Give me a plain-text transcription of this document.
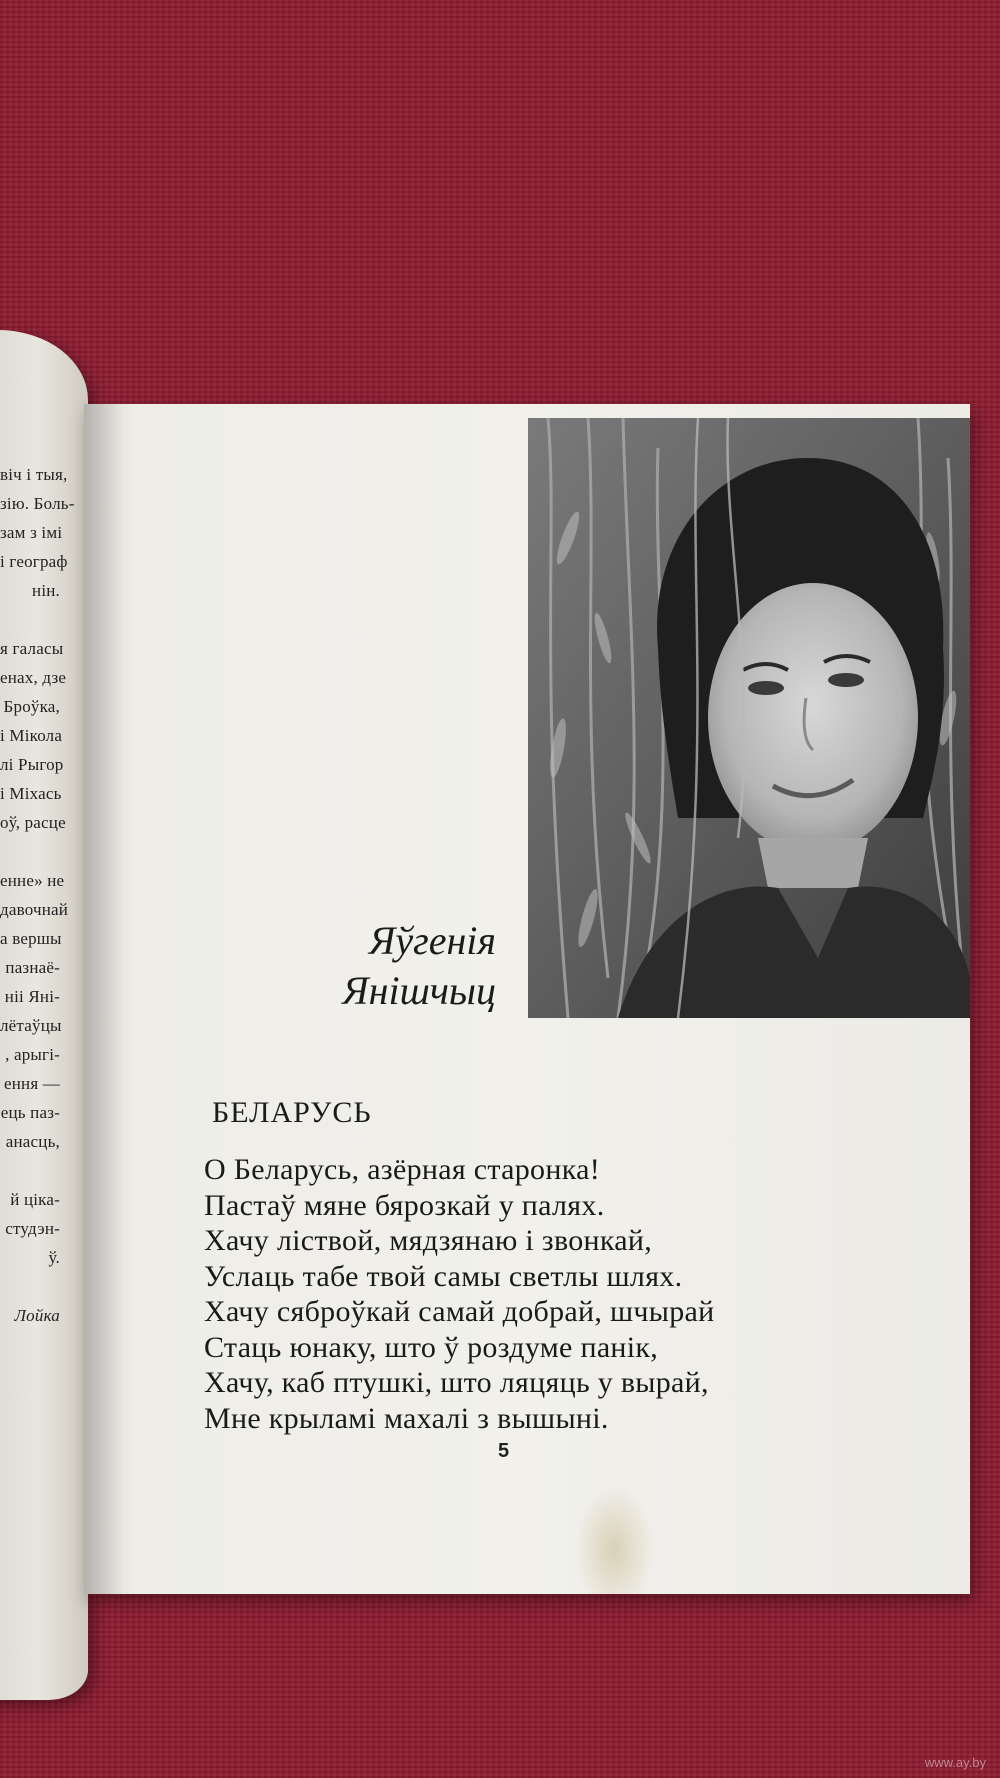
віч і тыя,
зію. Боль-
зам з імі
і географ
нін.

я галасы
енах, дзе
Броўка,
і Мікола
лі Рыгор
і Міхась
оў, расце

енне» не
давочнай
а вершы
пазнаё-
ніі Яні-
лётаўцы
, арыгі-
ення —
ець паз-
анасць,

й ціка-
студэн-
ў.

Лойка
Яўгенія
Янішчыц
БЕЛАРУСЬ
О Беларусь, азёрная старонка!
Пастаў мяне бярозкай у палях.
Хачу ліствой, мядзянаю і звонкай,
Услаць табе твой самы светлы шлях.
Хачу сяброўкай самай добрай, шчырай
Стаць юнаку, што ў роздуме панік,
Хачу, каб птушкі, што ляцяць у вырай,
Мне крыламі махалі з вышыні.
5
www.ay.by
